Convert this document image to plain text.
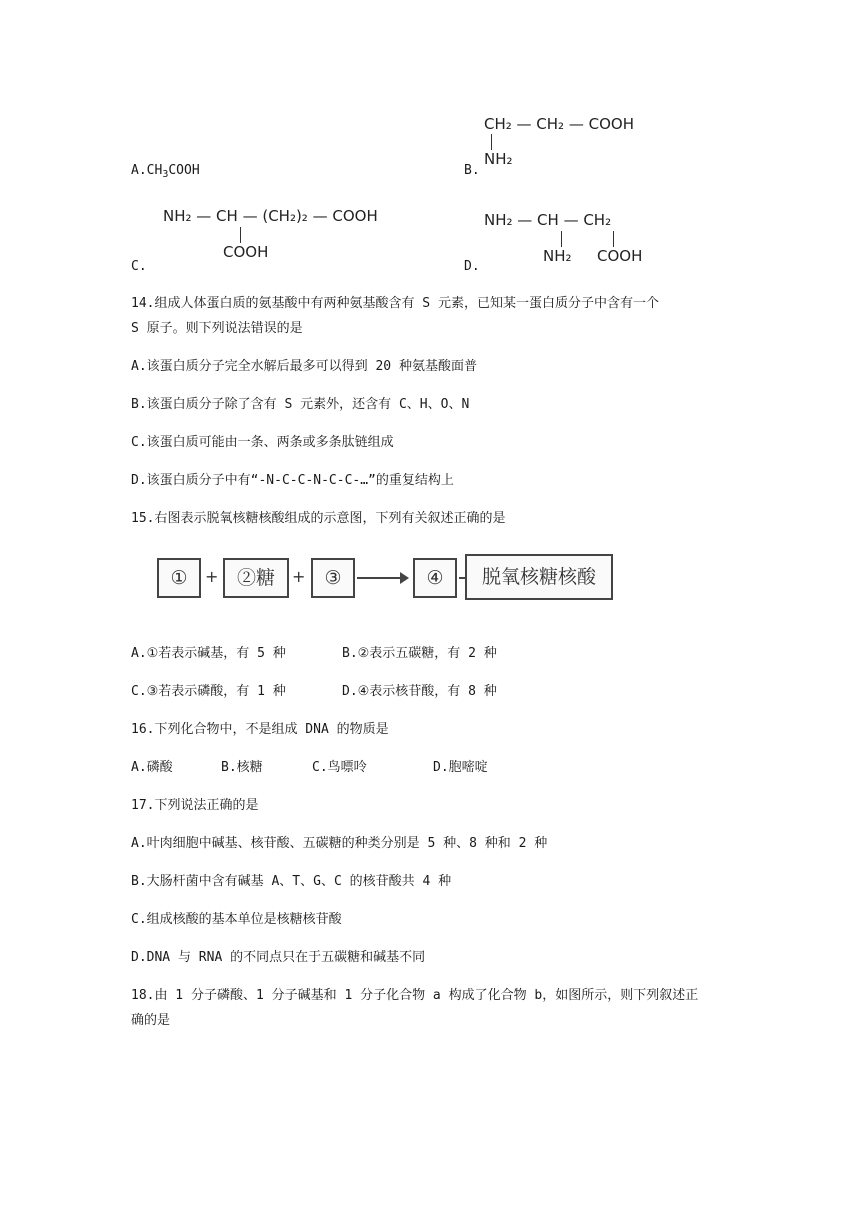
$A.CH_3COOH$	B.
CH₂ — CH₂ — COOH
NH₂
C.
NH₂ — CH — (CH₂)₂ — COOH
COOH
D.
NH₂ — CH — CH₂
NH₂ COOH
14.组成人体蛋白质的氨基酸中有两种氨基酸含有 S 元素，已知某一蛋白质分子中含有一个
S 原子。则下列说法错误的是
A.该蛋白质分子完全水解后最多可以得到 20 种氨基酸面普
B.该蛋白质分子除了含有 S 元素外，还含有 C、H、O、N
C.该蛋白质可能由一条、两条或多条肽链组成
D.该蛋白质分子中有“-N-C-C-N-C-C-…”的重复结构上
15.右图表示脱氧核糖核酸组成的示意图，下列有关叙述正确的是
①	+ ②糖	+	③	④	脱氧核糖核酸
A.①若表示碱基，有 5 种	B.②表示五碳糖，有 2 种
C.③若表示磷酸，有 1 种	D.④表示核苷酸，有 8 种
16.下列化合物中，不是组成 DNA 的物质是
A.磷酸	B.核糖	C.鸟嘌呤	D.胞嘧啶
17.下列说法正确的是
A.叶肉细胞中碱基、核苷酸、五碳糖的种类分别是 5 种、8 种和 2 种
B.大肠杆菌中含有碱基 A、T、G、C 的核苷酸共 4 种
C.组成核酸的基本单位是核糖核苷酸
D.DNA 与 RNA 的不同点只在于五碳糖和碱基不同
18.由 1 分子磷酸、1 分子碱基和 1 分子化合物 a 构成了化合物 b，如图所示，则下列叙述正
确的是
